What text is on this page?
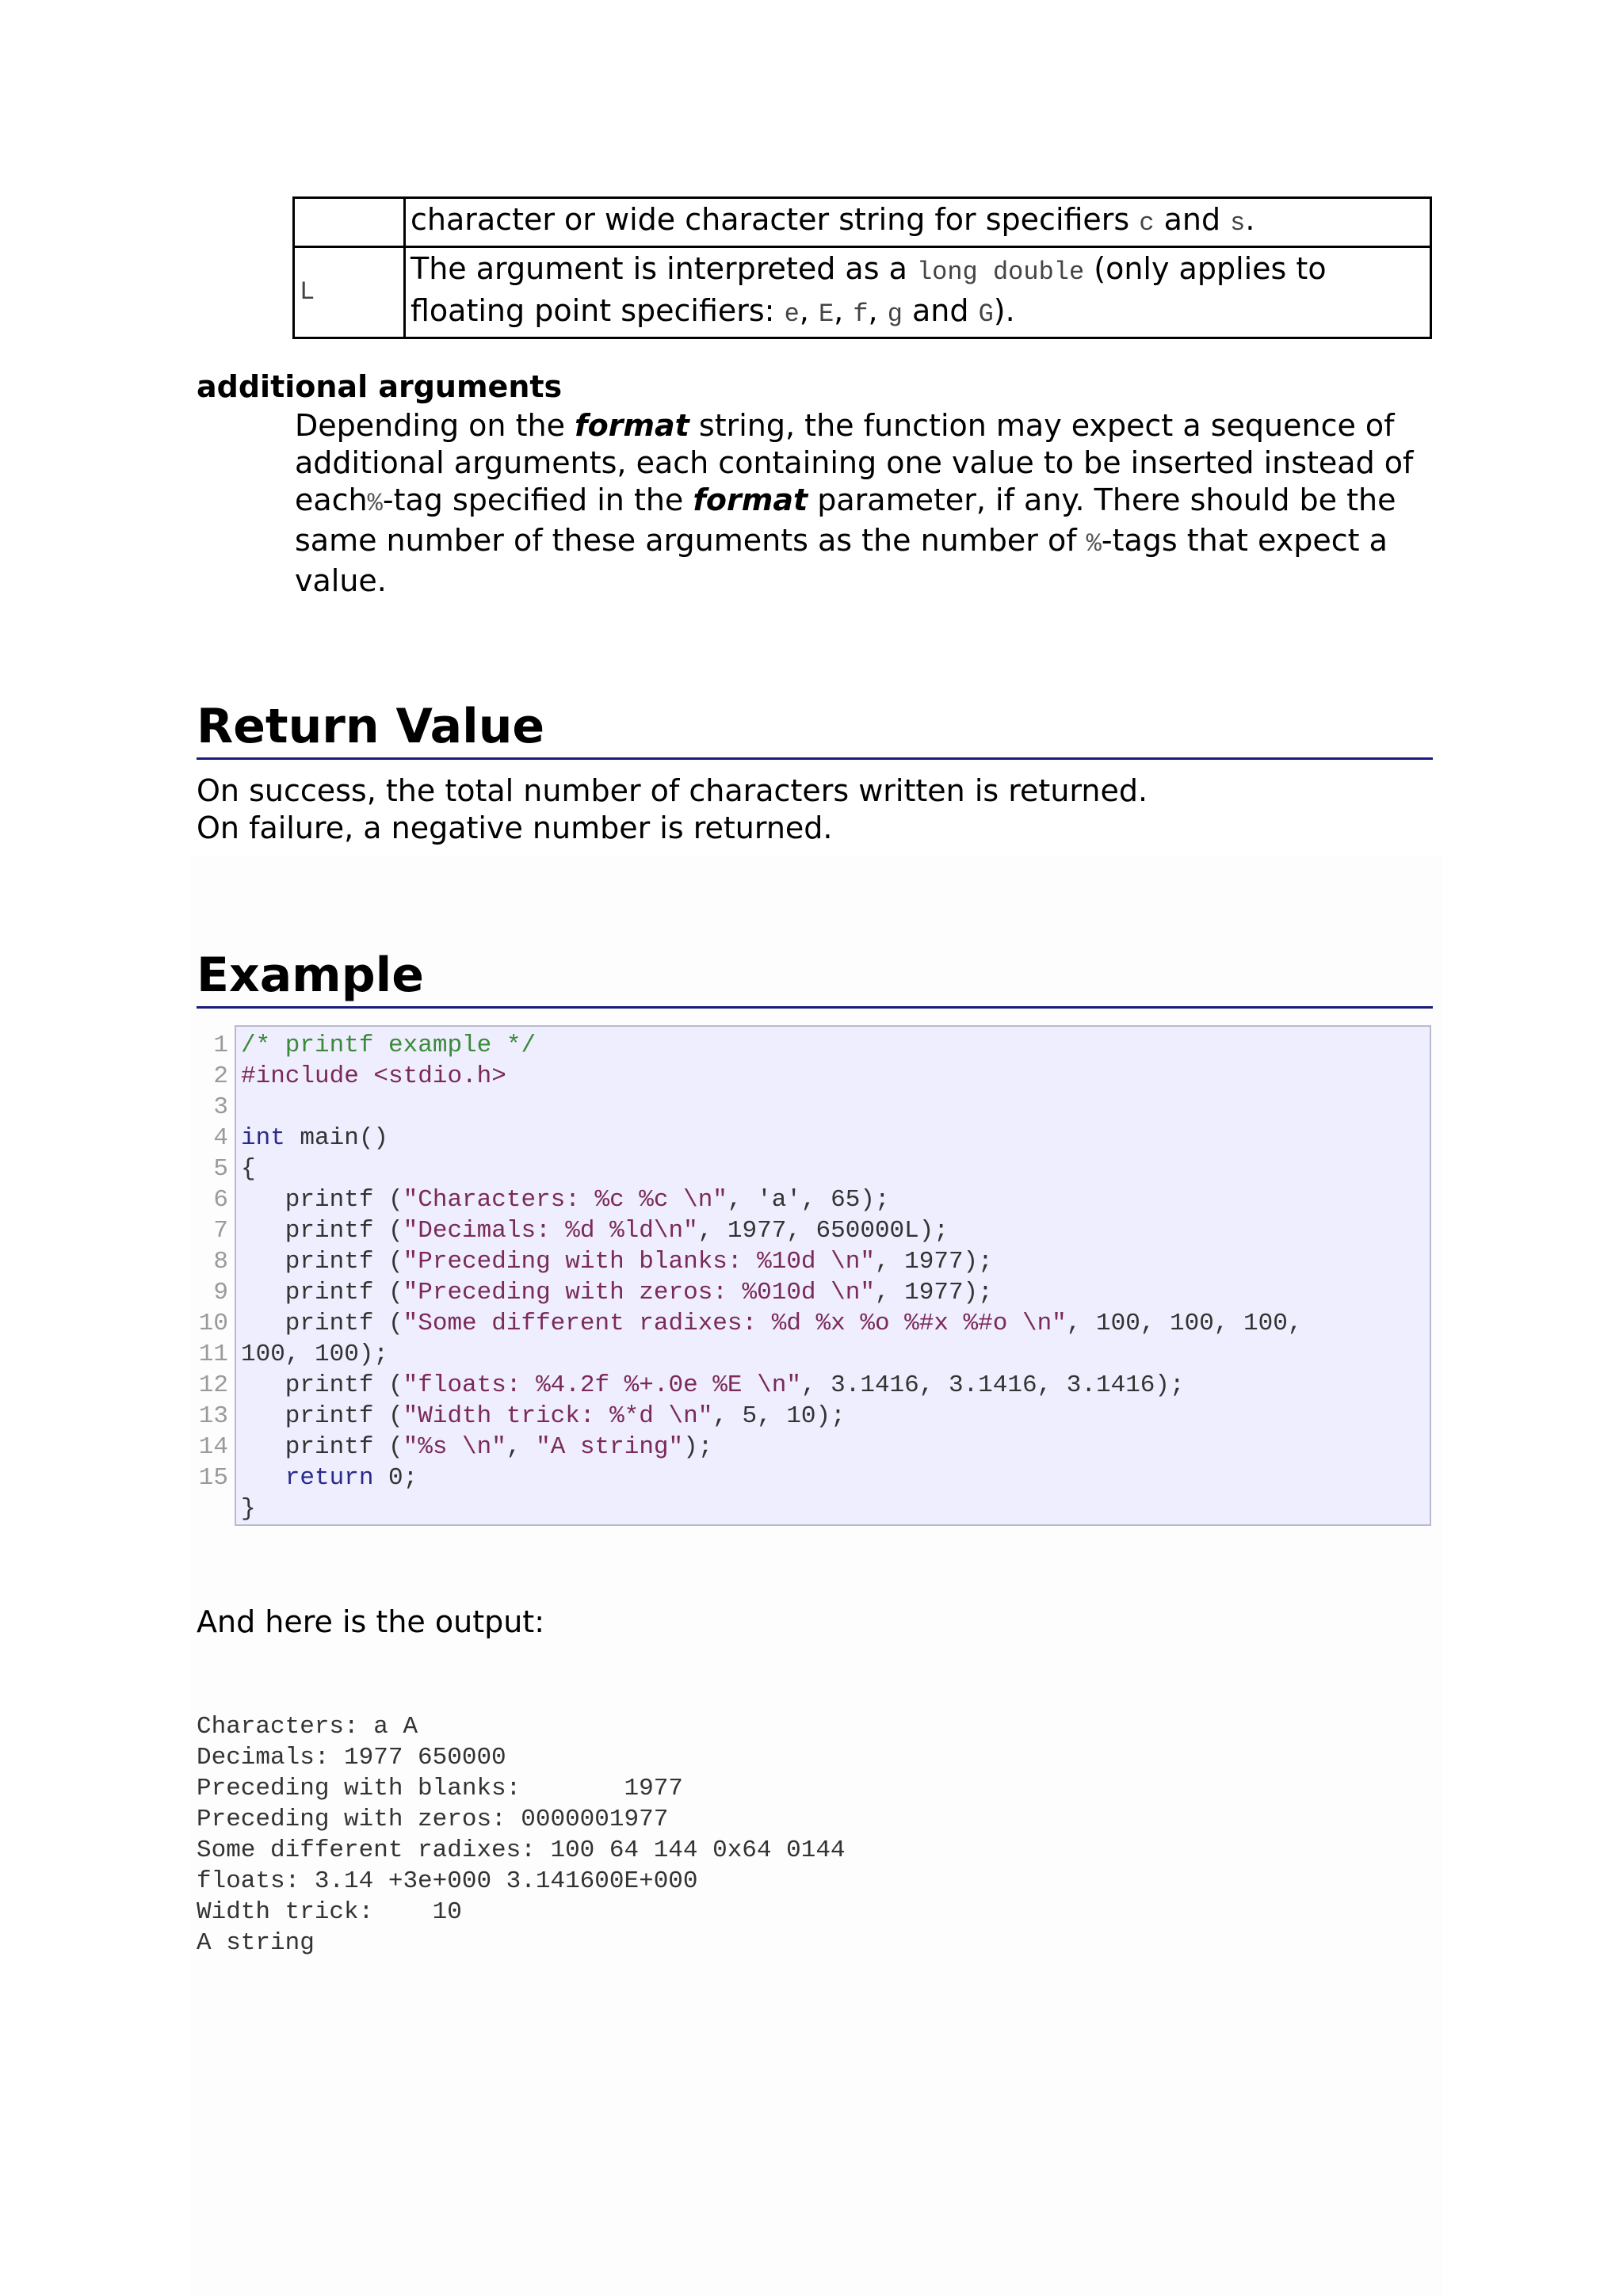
	character or wide character string for specifiers c and s.
L	The argument is interpreted as a long double (only applies to floating point specifiers: e, E, f, g and G).
additional arguments
Depending on the format string, the function may expect a sequence of additional arguments, each containing one value to be inserted instead of each%-tag specified in the format parameter, if any. There should be the same number of these arguments as the number of %-tags that expect a value.
Return Value
On success, the total number of characters written is returned.
On failure, a negative number is returned.
Example
1
2
3
4
5
6
7
8
9
10
11
12
13
14
15
/* printf example */
#include <stdio.h>
int main()
{
printf ("Characters: %c %c \n", 'a', 65);
printf ("Decimals: %d %ld\n", 1977, 650000L);
printf ("Preceding with blanks: %10d \n", 1977);
printf ("Preceding with zeros: %010d \n", 1977);
printf ("Some different radixes: %d %x %o %#x %#o \n", 100, 100, 100,
100, 100);
printf ("floats: %4.2f %+.0e %E \n", 3.1416, 3.1416, 3.1416);
printf ("Width trick: %*d \n", 5, 10);
printf ("%s \n", "A string");
return 0;
}
And here is the output:
Characters: a A
Decimals: 1977 650000
Preceding with blanks:       1977
Preceding with zeros: 0000001977
Some different radixes: 100 64 144 0x64 0144
floats: 3.14 +3e+000 3.141600E+000
Width trick:    10
A string
